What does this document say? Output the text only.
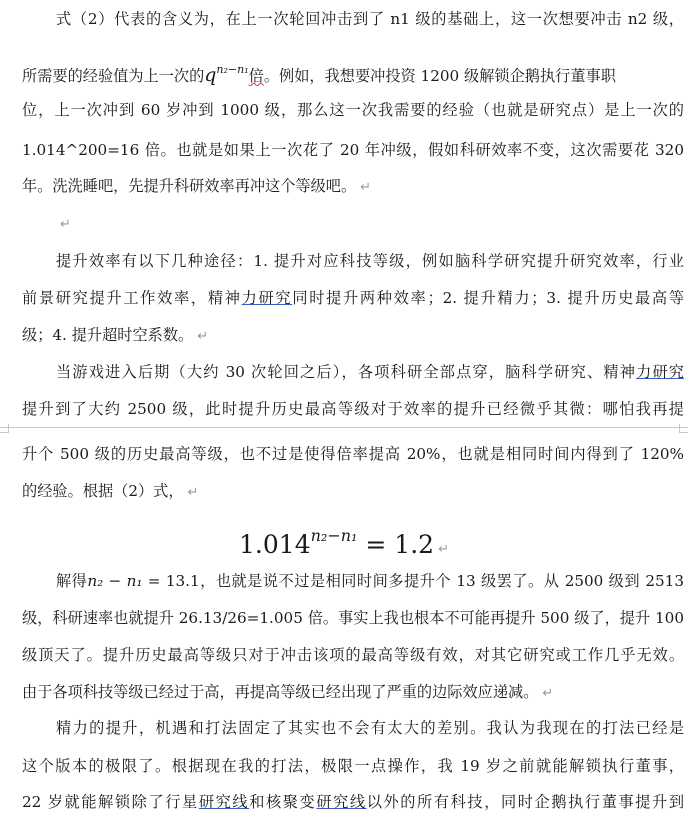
式（2）代表的含义为，在上一次轮回冲击到了 n1 级的基础上，这一次想要冲击 n2 级，
所需要的经验值为上一次的$q^{n_2-n_1}$倍。例如，我想要冲投资 1200 级解锁企鹅执行董事职
位，上一次冲到 60 岁冲到 1000 级，那么这一次我需要的经验（也就是研究点）是上一次的
1.014^200=16 倍。也就是如果上一次花了 20 年冲级，假如科研效率不变，这次需要花 320
年。洗洗睡吧，先提升科研效率再冲这个等级吧。 ↵
↵
提升效率有以下几种途径：1. 提升对应科技等级，例如脑科学研究提升研究效率，行业
前景研究提升工作效率，精神力研究同时提升两种效率；2. 提升精力；3. 提升历史最高等
级；4. 提升超时空系数。 ↵
当游戏进入后期（大约 30 次轮回之后），各项科研全部点穿，脑科学研究、精神力研究
提升到了大约 2500 级，此时提升历史最高等级对于效率的提升已经微乎其微：哪怕我再提
升个 500 级的历史最高等级，也不过是使得倍率提高 20%，也就是相同时间内得到了 120%
的经验。根据（2）式， ↵
$1.014^{n_2-n_1} = 1.2$ ↵
解得n₂ − n₁ = 13.1，也就是说不过是相同时间多提升个 13 级罢了。从 2500 级到 2513
级，科研速率也就提升 26.13/26=1.005 倍。事实上我也根本不可能再提升 500 级了，提升 100
级顶天了。提升历史最高等级只对于冲击该项的最高等级有效，对其它研究或工作几乎无效。
由于各项科技等级已经过于高，再提高等级已经出现了严重的边际效应递减。 ↵
精力的提升，机遇和打法固定了其实也不会有太大的差别。我认为我现在的打法已经是
这个版本的极限了。根据现在我的打法，极限一点操作，我 19 岁之前就能解锁执行董事，
22 岁就能解锁除了行星研究线和核聚变研究线以外的所有科技，同时企鹅执行董事提升到
